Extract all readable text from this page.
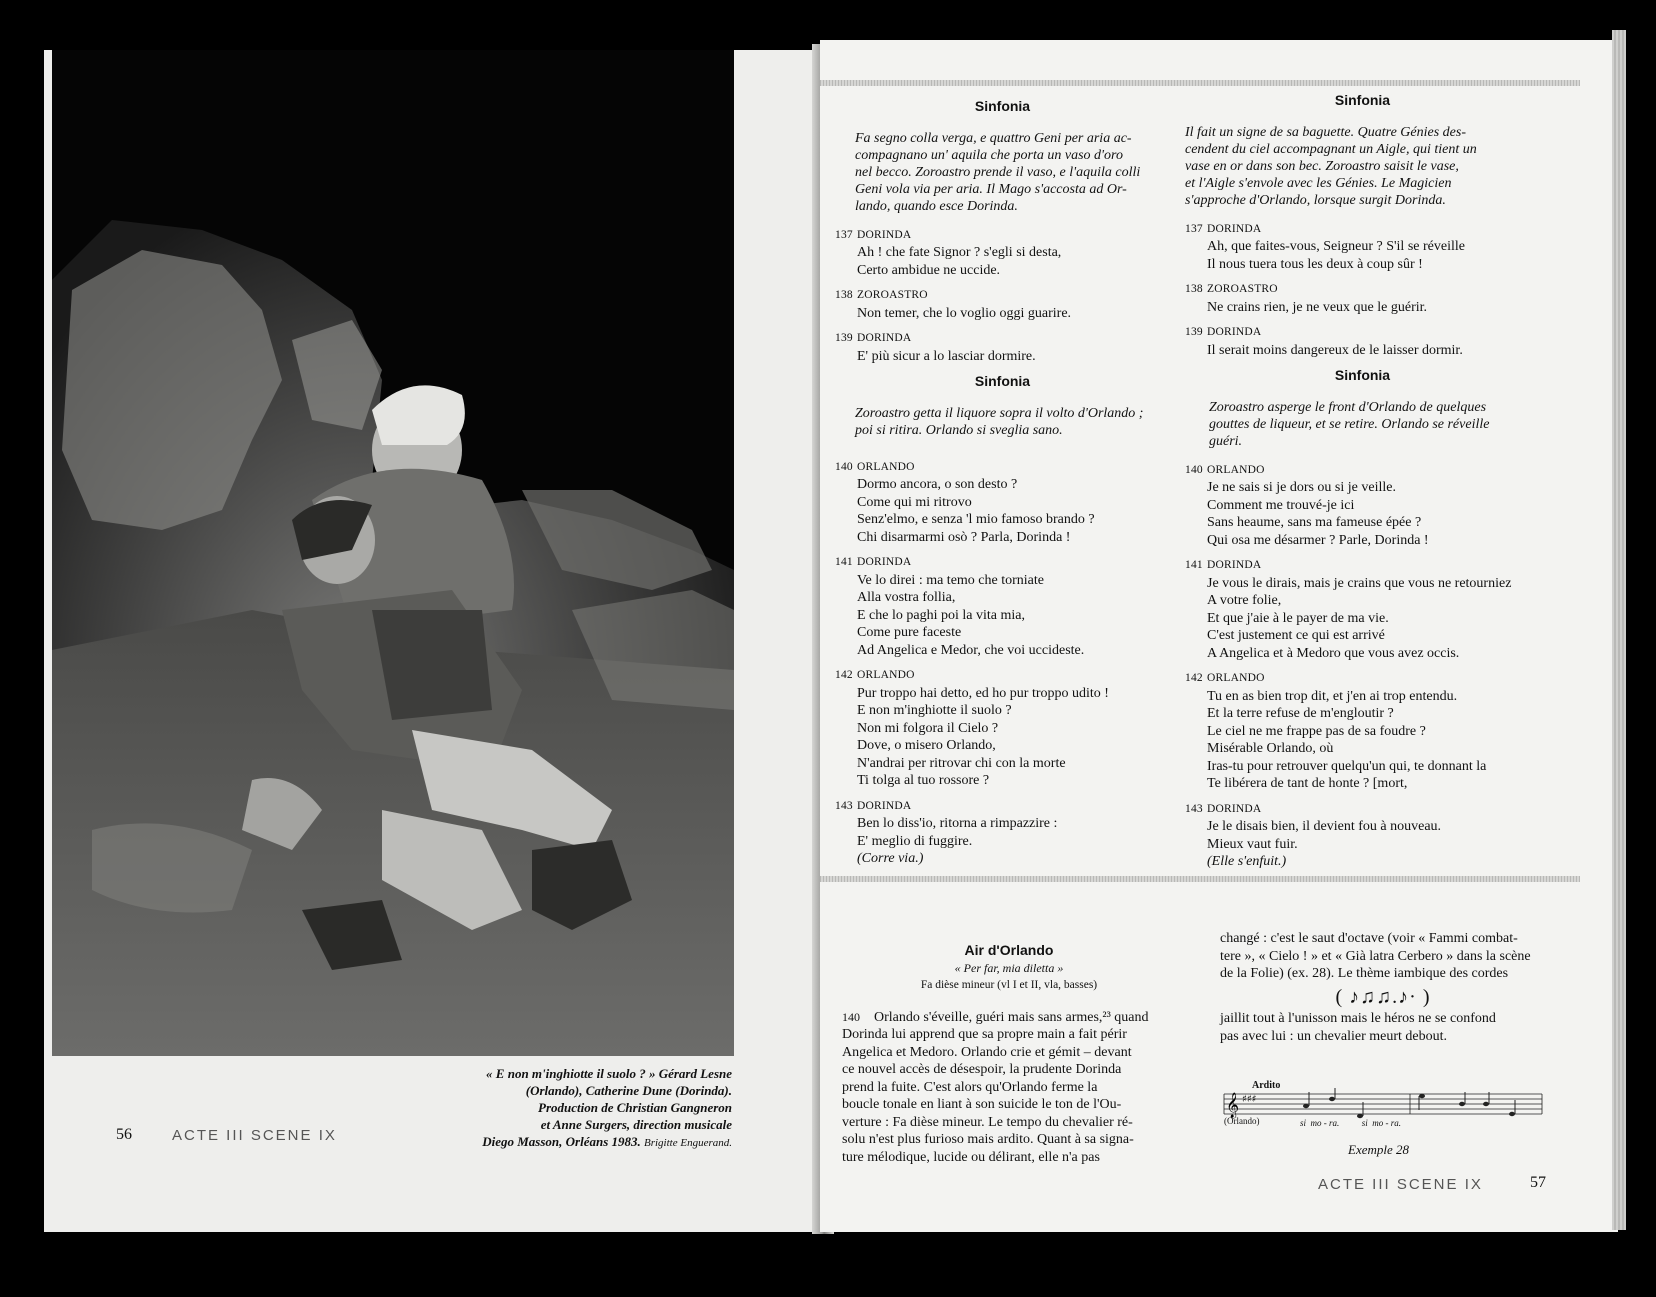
« E non m'inghiotte il suolo ? » Gérard Lesne
(Orlando), Catherine Dune (Dorinda).
Production de Christian Gangneron
et Anne Surgers, direction musicale
Diego Masson, Orléans 1983. Brigitte Enguerand.
56	ACTE III SCENE IX
Sinfonia
Fa segno colla verga, e quattro Geni per aria ac-
compagnano un' aquila che porta un vaso d'oro
nel becco. Zoroastro prende il vaso, e l'aquila colli
Geni vola via per aria. Il Mago s'accosta ad Or-
lando, quando esce Dorinda.
137 DORINDA
Ah ! che fate Signor ? s'egli si desta,
Certo ambidue ne uccide.
138 ZOROASTRO
Non temer, che lo voglio oggi guarire.
139 DORINDA
E' più sicur a lo lasciar dormire.
Sinfonia
Zoroastro getta il liquore sopra il volto d'Orlando ;
poi si ritira. Orlando si sveglia sano.
140 ORLANDO
Dormo ancora, o son desto ?
Come qui mi ritrovo
Senz'elmo, e senza 'l mio famoso brando ?
Chi disarmarmi osò ? Parla, Dorinda !
141 DORINDA
Ve lo direi : ma temo che torniate
Alla vostra follia,
E che lo paghi poi la vita mia,
Come pure faceste
Ad Angelica e Medor, che voi uccideste.
142 ORLANDO
Pur troppo hai detto, ed ho pur troppo udito !
E non m'inghiotte il suolo ?
Non mi folgora il Cielo ?
Dove, o misero Orlando,
N'andrai per ritrovar chi con la morte
Ti tolga al tuo rossore ?
143 DORINDA
Ben lo diss'io, ritorna a rimpazzire :
E' meglio di fuggire.
(Corre via.)
Sinfonia
Il fait un signe de sa baguette. Quatre Génies des-
cendent du ciel accompagnant un Aigle, qui tient un
vase en or dans son bec. Zoroastro saisit le vase,
et l'Aigle s'envole avec les Génies. Le Magicien
s'approche d'Orlando, lorsque surgit Dorinda.
137 DORINDA
Ah, que faites-vous, Seigneur ? S'il se réveille
Il nous tuera tous les deux à coup sûr !
138 ZOROASTRO
Ne crains rien, je ne veux que le guérir.
139 DORINDA
Il serait moins dangereux de le laisser dormir.
Sinfonia
Zoroastro asperge le front d'Orlando de quelques
gouttes de liqueur, et se retire. Orlando se réveille
guéri.
140 ORLANDO
Je ne sais si je dors ou si je veille.
Comment me trouvé-je ici
Sans heaume, sans ma fameuse épée ?
Qui osa me désarmer ? Parle, Dorinda !
141 DORINDA
Je vous le dirais, mais je crains que vous ne retourniez
A votre folie,
Et que j'aie à le payer de ma vie.
C'est justement ce qui est arrivé
A Angelica et à Medoro que vous avez occis.
142 ORLANDO
Tu en as bien trop dit, et j'en ai trop entendu.
Et la terre refuse de m'engloutir ?
Le ciel ne me frappe pas de sa foudre ?
Misérable Orlando, où
Iras-tu pour retrouver quelqu'un qui, te donnant la
Te libérera de tant de honte ? [mort,
143 DORINDA
Je le disais bien, il devient fou à nouveau.
Mieux vaut fuir.
(Elle s'enfuit.)
Air d'Orlando
« Per far, mia diletta »
Fa dièse mineur (vl I et II, vla, basses)
140 Orlando s'éveille, guéri mais sans armes,²³ quand
Dorinda lui apprend que sa propre main a fait périr
Angelica et Medoro. Orlando crie et gémit – devant
ce nouvel accès de désespoir, la prudente Dorinda
prend la fuite. C'est alors qu'Orlando ferme la
boucle tonale en liant à son suicide le ton de l'Ou-
verture : Fa dièse mineur. Le tempo du chevalier ré-
solu n'est plus furioso mais ardito. Quant à sa signa-
ture mélodique, lucide ou délirant, elle n'a pas
changé : c'est le saut d'octave (voir « Fammi combat-
tere », « Cielo ! » et « Già latra Cerbero » dans la scène
de la Folie) (ex. 28). Le thème iambique des cordes
( ♪♫♫.♪· )
jaillit tout à l'unisson mais le héros ne se confond
pas avec lui : un chevalier meurt debout.
Ardito
𝄞 ♯♯♯
(Orlando)	si  mo - ra.          si  mo - ra.
Exemple 28
ACTE III SCENE IX	57
